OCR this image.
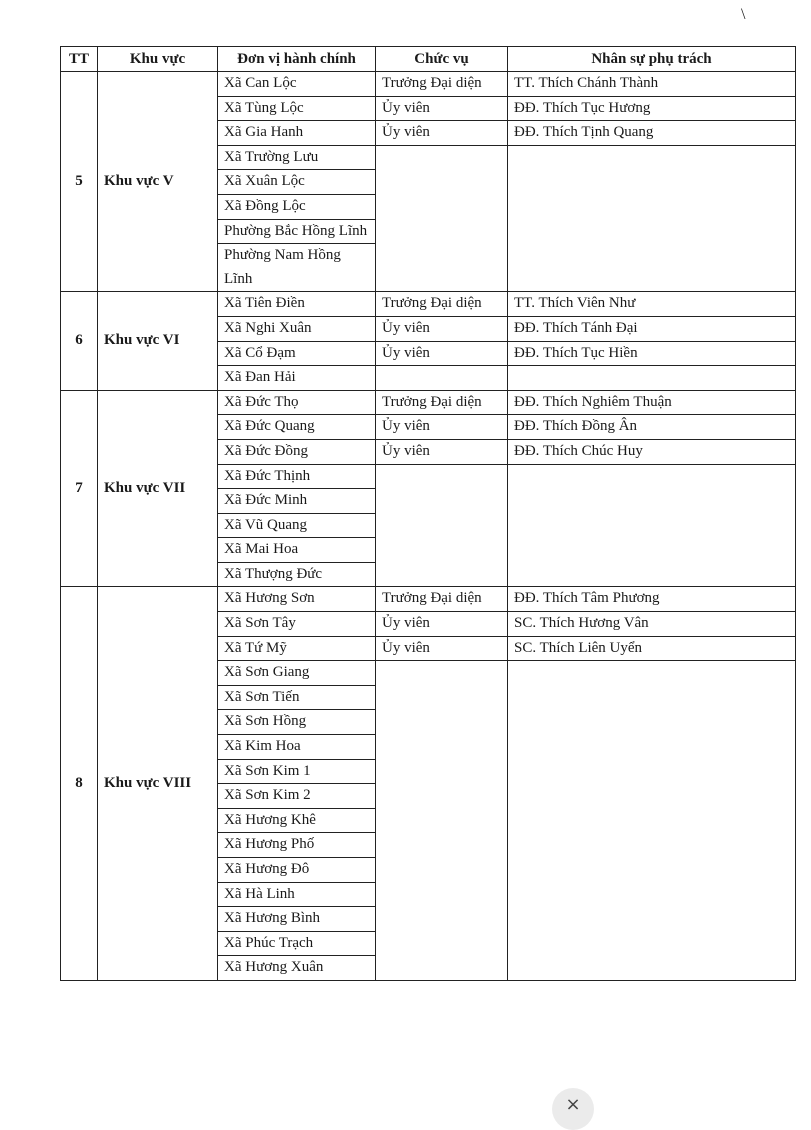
\
TT	Khu vực	Đơn vị hành chính	Chức vụ	Nhân sự phụ trách
5	Khu vực V	Xã Can Lộc	Trưởng Đại diện	TT. Thích Chánh Thành
		Xã Tùng Lộc	Ủy viên	ĐĐ. Thích Tục Hương
		Xã Gia Hanh	Ủy viên	ĐĐ. Thích Tịnh Quang
		Xã Trường Lưu		
		Xã Xuân Lộc		
		Xã Đồng Lộc		
		Phường Bắc Hồng Lĩnh		
		Phường Nam Hồng Lĩnh		
6	Khu vực VI	Xã Tiên Điền	Trưởng Đại diện	TT. Thích Viên Như
		Xã Nghi Xuân	Ủy viên	ĐĐ. Thích Tánh Đại
		Xã Cổ Đạm	Ủy viên	ĐĐ. Thích Tục Hiền
		Xã Đan Hải		
7	Khu vực VII	Xã Đức Thọ	Trưởng Đại diện	ĐĐ. Thích Nghiêm Thuận
		Xã Đức Quang	Ủy viên	ĐĐ. Thích Đồng Ân
		Xã Đức Đồng	Ủy viên	ĐĐ. Thích Chúc Huy
		Xã Đức Thịnh		
		Xã Đức Minh		
		Xã Vũ Quang		
		Xã Mai Hoa		
		Xã Thượng Đức		
8	Khu vực VIII	Xã Hương Sơn	Trưởng Đại diện	ĐĐ. Thích Tâm Phương
		Xã Sơn Tây	Ủy viên	SC. Thích Hương Vân
		Xã Tứ Mỹ	Ủy viên	SC. Thích Liên Uyển
		Xã Sơn Giang		
		Xã Sơn Tiến		
		Xã Sơn Hồng		
		Xã Kim Hoa		
		Xã Sơn Kim 1		
		Xã Sơn Kim 2		
		Xã Hương Khê		
		Xã Hương Phố		
		Xã Hương Đô		
		Xã Hà Linh		
		Xã Hương Bình		
		Xã Phúc Trạch		
		Xã Hương Xuân		
×
